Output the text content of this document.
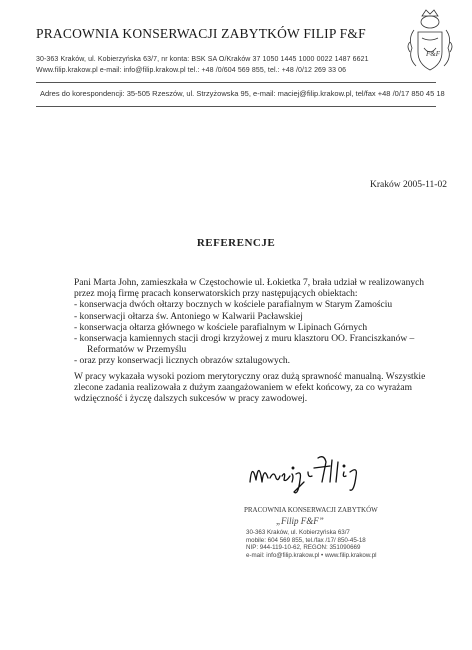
PRACOWNIA KONSERWACJI ZABYTKÓW FILIP F&F
30-363 Kraków, ul. Kobierzyńska 63/7, nr konta: BSK SA O/Kraków 37 1050 1445 1000 0022 1487 6621
Www.filip.krakow.pl e-mail: info@filip.krakow.pl tel.: +48 /0/604 569 855, tel.: +48 /0/12 269 33 06
F&F
Adres do korespondencji: 35-505 Rzeszów, ul. Strzyżowska 95, e-mail: maciej@filip.krakow.pl, tel/fax +48 /0/17 850 45 18
Kraków 2005-11-02
REFERENCJE
Pani Marta John, zamieszkała w Częstochowie ul. Łokietka 7, brała udział w realizowanych
przez moją firmę pracach konserwatorskich przy następujących obiektach:
- konserwacja dwóch ołtarzy bocznych w kościele parafialnym w Starym Zamościu
- konserwacji ołtarza św. Antoniego w Kalwarii Pacławskiej
- konserwacja ołtarza głównego w kościele parafialnym w Lipinach Górnych
- konserwacja kamiennych stacji drogi krzyżowej z muru klasztoru OO. Franciszkanów –
Reformatów w Przemyślu
- oraz przy konserwacji licznych obrazów sztalugowych.
W pracy wykazała wysoki poziom merytoryczny oraz dużą sprawność manualną. Wszystkie
zlecone zadania realizowała z dużym zaangażowaniem w efekt końcowy, za co wyrażam
wdzięczność i życzę dalszych sukcesów w pracy zawodowej.
PRACOWNIA KONSERWACJI ZABYTKÓW
„Filip F&F”
30-363 Kraków, ul. Kobierzyńska 63/7
mobile: 604 569 855, tel./fax /17/ 850-45-18
NIP: 944-119-10-62, REGON: 351090669
e-mail: info@filip.krakow.pl • www.filip.krakow.pl
